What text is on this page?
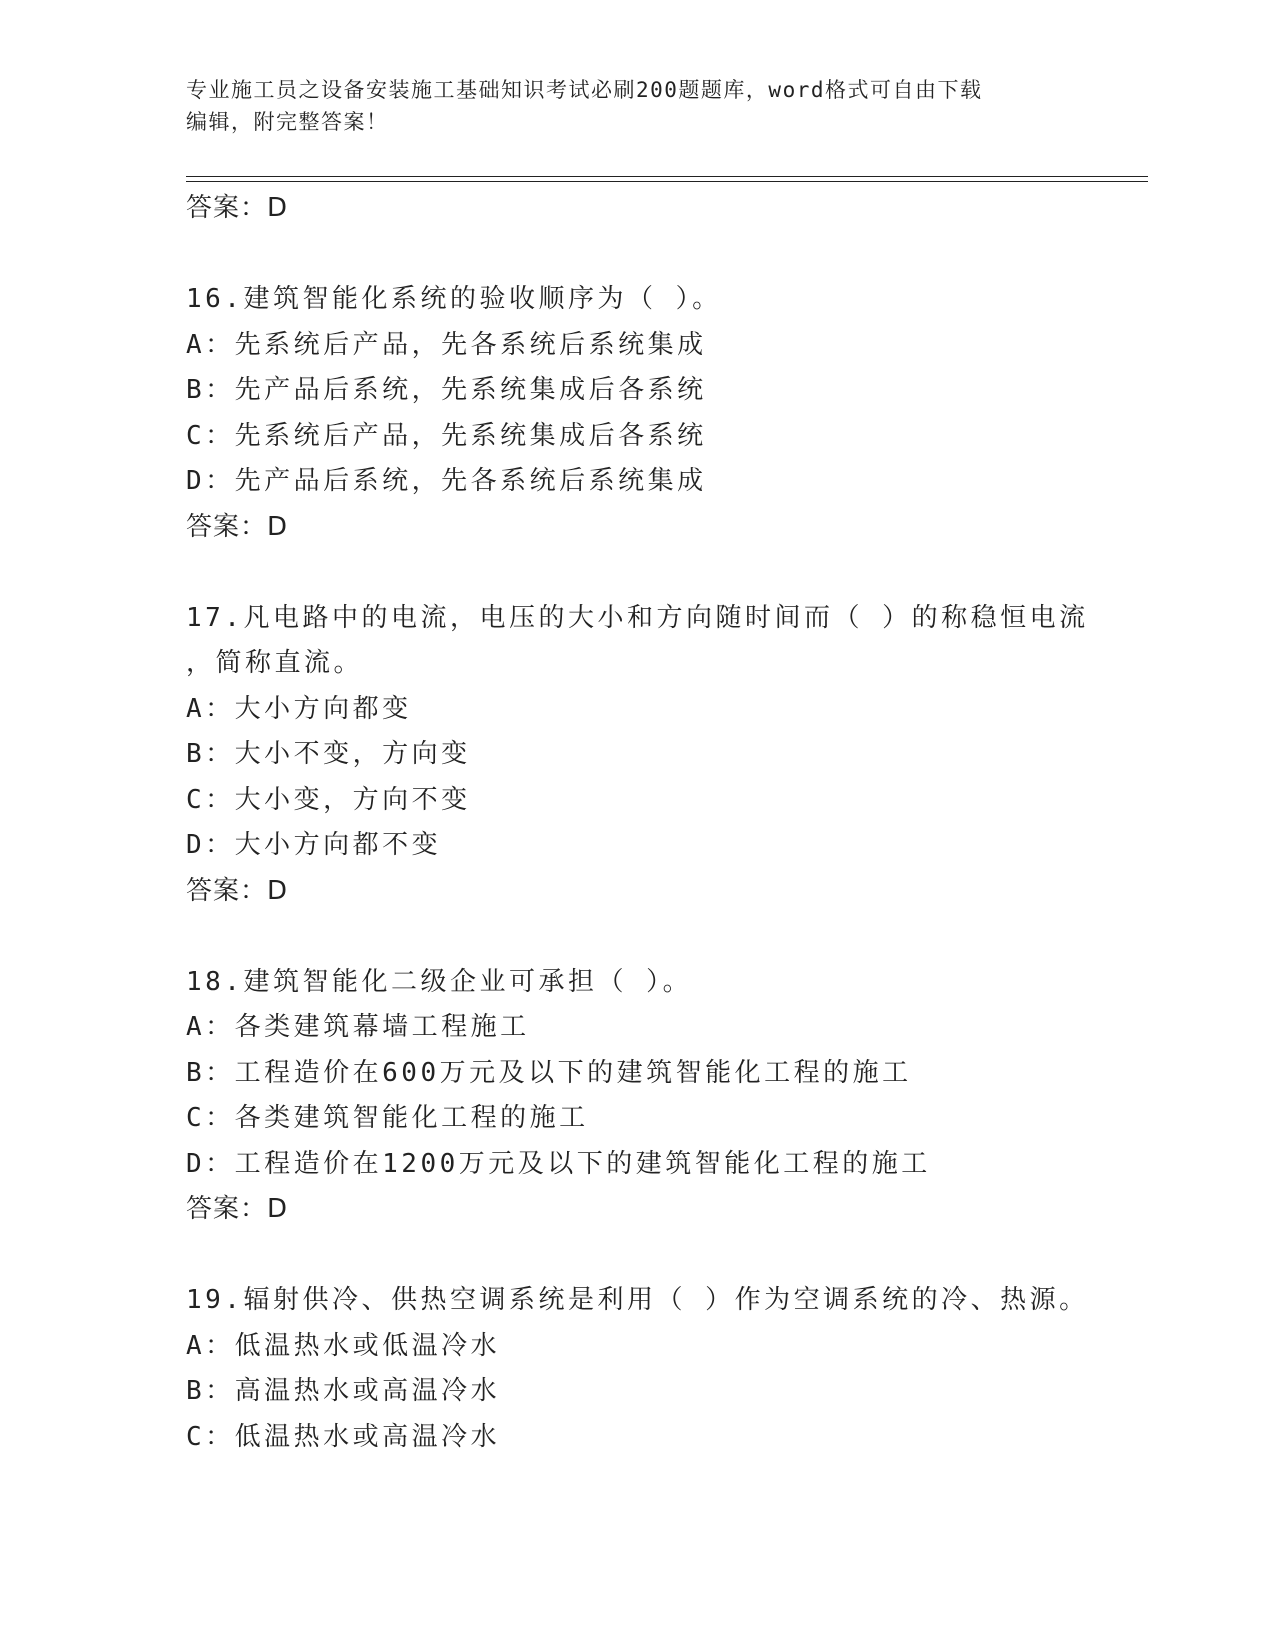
专业施工员之设备安装施工基础知识考试必刷200题题库，word格式可自由下载
编辑，附完整答案！
答案：D
16.建筑智能化系统的验收顺序为（ ）。
A：先系统后产品，先各系统后系统集成
B：先产品后系统，先系统集成后各系统
C：先系统后产品，先系统集成后各系统
D：先产品后系统，先各系统后系统集成
答案：D
17.凡电路中的电流，电压的大小和方向随时间而（ ）的称稳恒电流
，简称直流。
A：大小方向都变
B：大小不变，方向变
C：大小变，方向不变
D：大小方向都不变
答案：D
18.建筑智能化二级企业可承担（ ）。
A：各类建筑幕墙工程施工
B：工程造价在600万元及以下的建筑智能化工程的施工
C：各类建筑智能化工程的施工
D：工程造价在1200万元及以下的建筑智能化工程的施工
答案：D
19.辐射供冷、供热空调系统是利用（ ）作为空调系统的冷、热源。
A：低温热水或低温冷水
B：高温热水或高温冷水
C：低温热水或高温冷水
